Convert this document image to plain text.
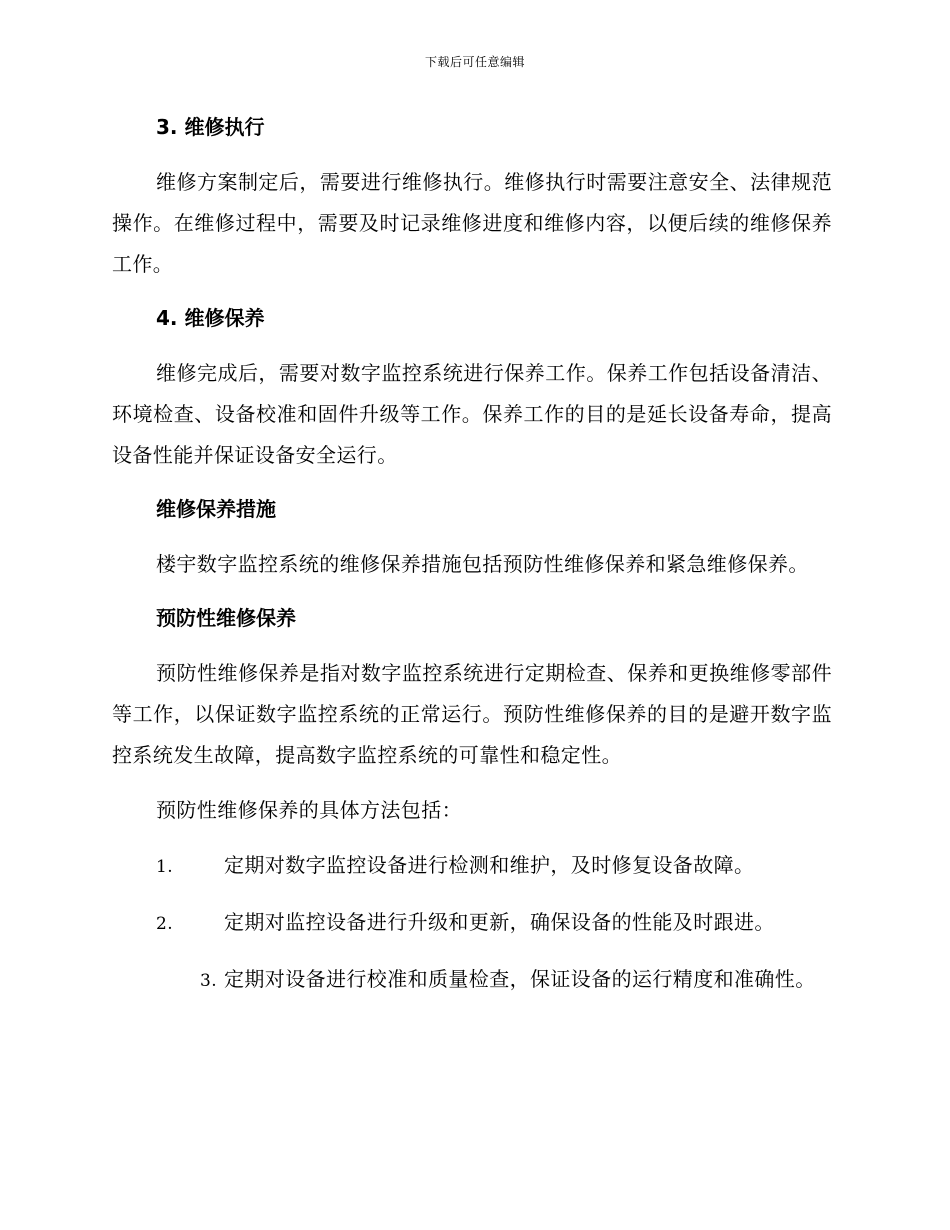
下载后可任意编辑
3. 维修执行

维修方案制定后，需要进行维修执行。维修执行时需要注意安全、法律规范操作。在维修过程中，需要及时记录维修进度和维修内容，以便后续的维修保养工作。

4. 维修保养

维修完成后，需要对数字监控系统进行保养工作。保养工作包括设备清洁、环境检查、设备校准和固件升级等工作。保养工作的目的是延长设备寿命，提高设备性能并保证设备安全运行。

维修保养措施

楼宇数字监控系统的维修保养措施包括预防性维修保养和紧急维修保养。

预防性维修保养

预防性维修保养是指对数字监控系统进行定期检查、保养和更换维修零部件等工作，以保证数字监控系统的正常运行。预防性维修保养的目的是避开数字监控系统发生故障，提高数字监控系统的可靠性和稳定性。

预防性维修保养的具体方法包括：

1.	定期对数字监控设备进行检测和维护，及时修复设备故障。
2.	定期对监控设备进行升级和更新，确保设备的性能及时跟进。
3. 定期对设备进行校准和质量检查，保证设备的运行精度和准确性。
